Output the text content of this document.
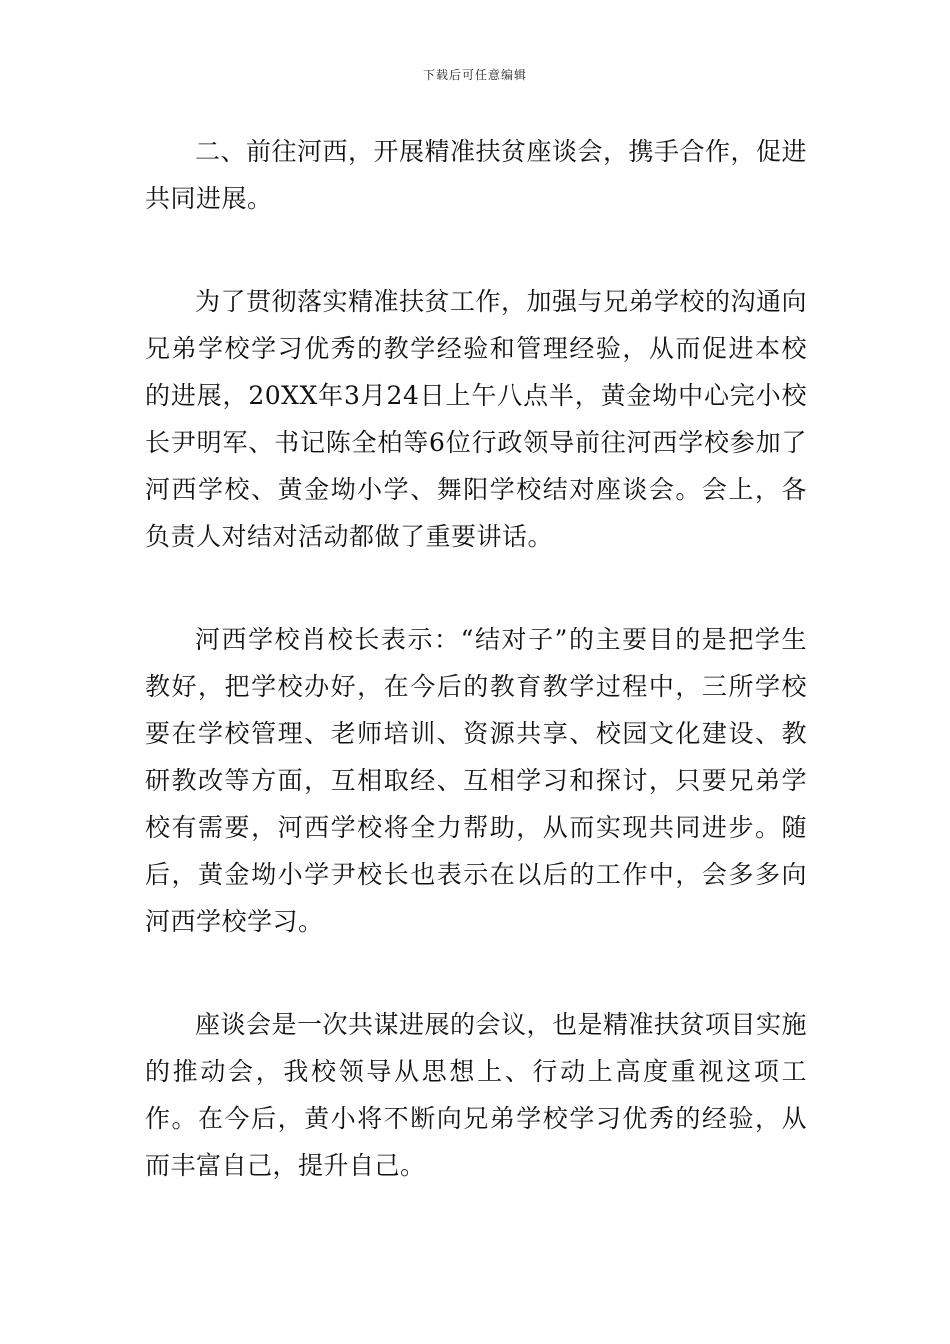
下载后可任意编辑

二、前往河西，开展精准扶贫座谈会，携手合作，促进共同进展。

为了贯彻落实精准扶贫工作，加强与兄弟学校的沟通向兄弟学校学习优秀的教学经验和管理经验，从而促进本校的进展，20XX年3月24日上午八点半，黄金坳中心完小校长尹明军、书记陈全柏等6位行政领导前往河西学校参加了河西学校、黄金坳小学、舞阳学校结对座谈会。会上，各负责人对结对活动都做了重要讲话。

河西学校肖校长表示：“结对子”的主要目的是把学生教好，把学校办好，在今后的教育教学过程中，三所学校要在学校管理、老师培训、资源共享、校园文化建设、教研教改等方面，互相取经、互相学习和探讨，只要兄弟学校有需要，河西学校将全力帮助，从而实现共同进步。随后，黄金坳小学尹校长也表示在以后的工作中，会多多向河西学校学习。

座谈会是一次共谋进展的会议，也是精准扶贫项目实施的推动会，我校领导从思想上、行动上高度重视这项工作。在今后，黄小将不断向兄弟学校学习优秀的经验，从而丰富自己，提升自己。
